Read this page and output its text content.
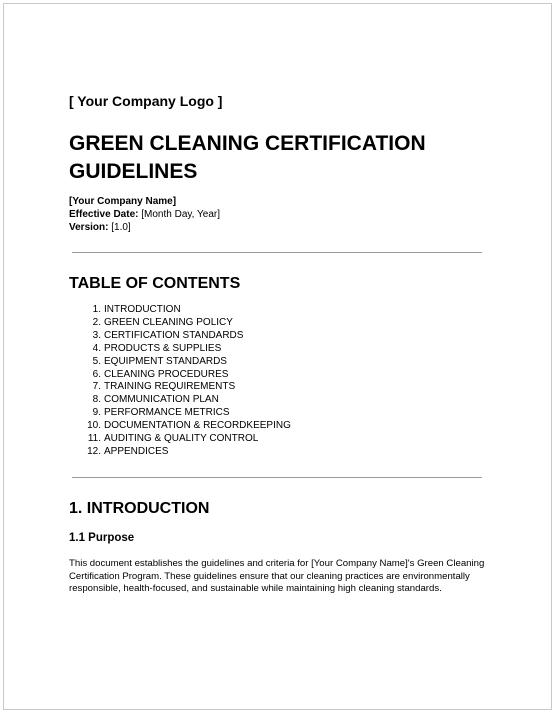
[ Your Company Logo ]
GREEN CLEANING CERTIFICATION GUIDELINES
[Your Company Name]
Effective Date: [Month Day, Year]
Version: [1.0]
TABLE OF CONTENTS
1. INTRODUCTION
2. GREEN CLEANING POLICY
3. CERTIFICATION STANDARDS
4. PRODUCTS & SUPPLIES
5. EQUIPMENT STANDARDS
6. CLEANING PROCEDURES
7. TRAINING REQUIREMENTS
8. COMMUNICATION PLAN
9. PERFORMANCE METRICS
10. DOCUMENTATION & RECORDKEEPING
11. AUDITING & QUALITY CONTROL
12. APPENDICES
1. INTRODUCTION
1.1 Purpose

This document establishes the guidelines and criteria for [Your Company Name]'s Green Cleaning Certification Program. These guidelines ensure that our cleaning practices are environmentally responsible, health-focused, and sustainable while maintaining high cleaning standards.
